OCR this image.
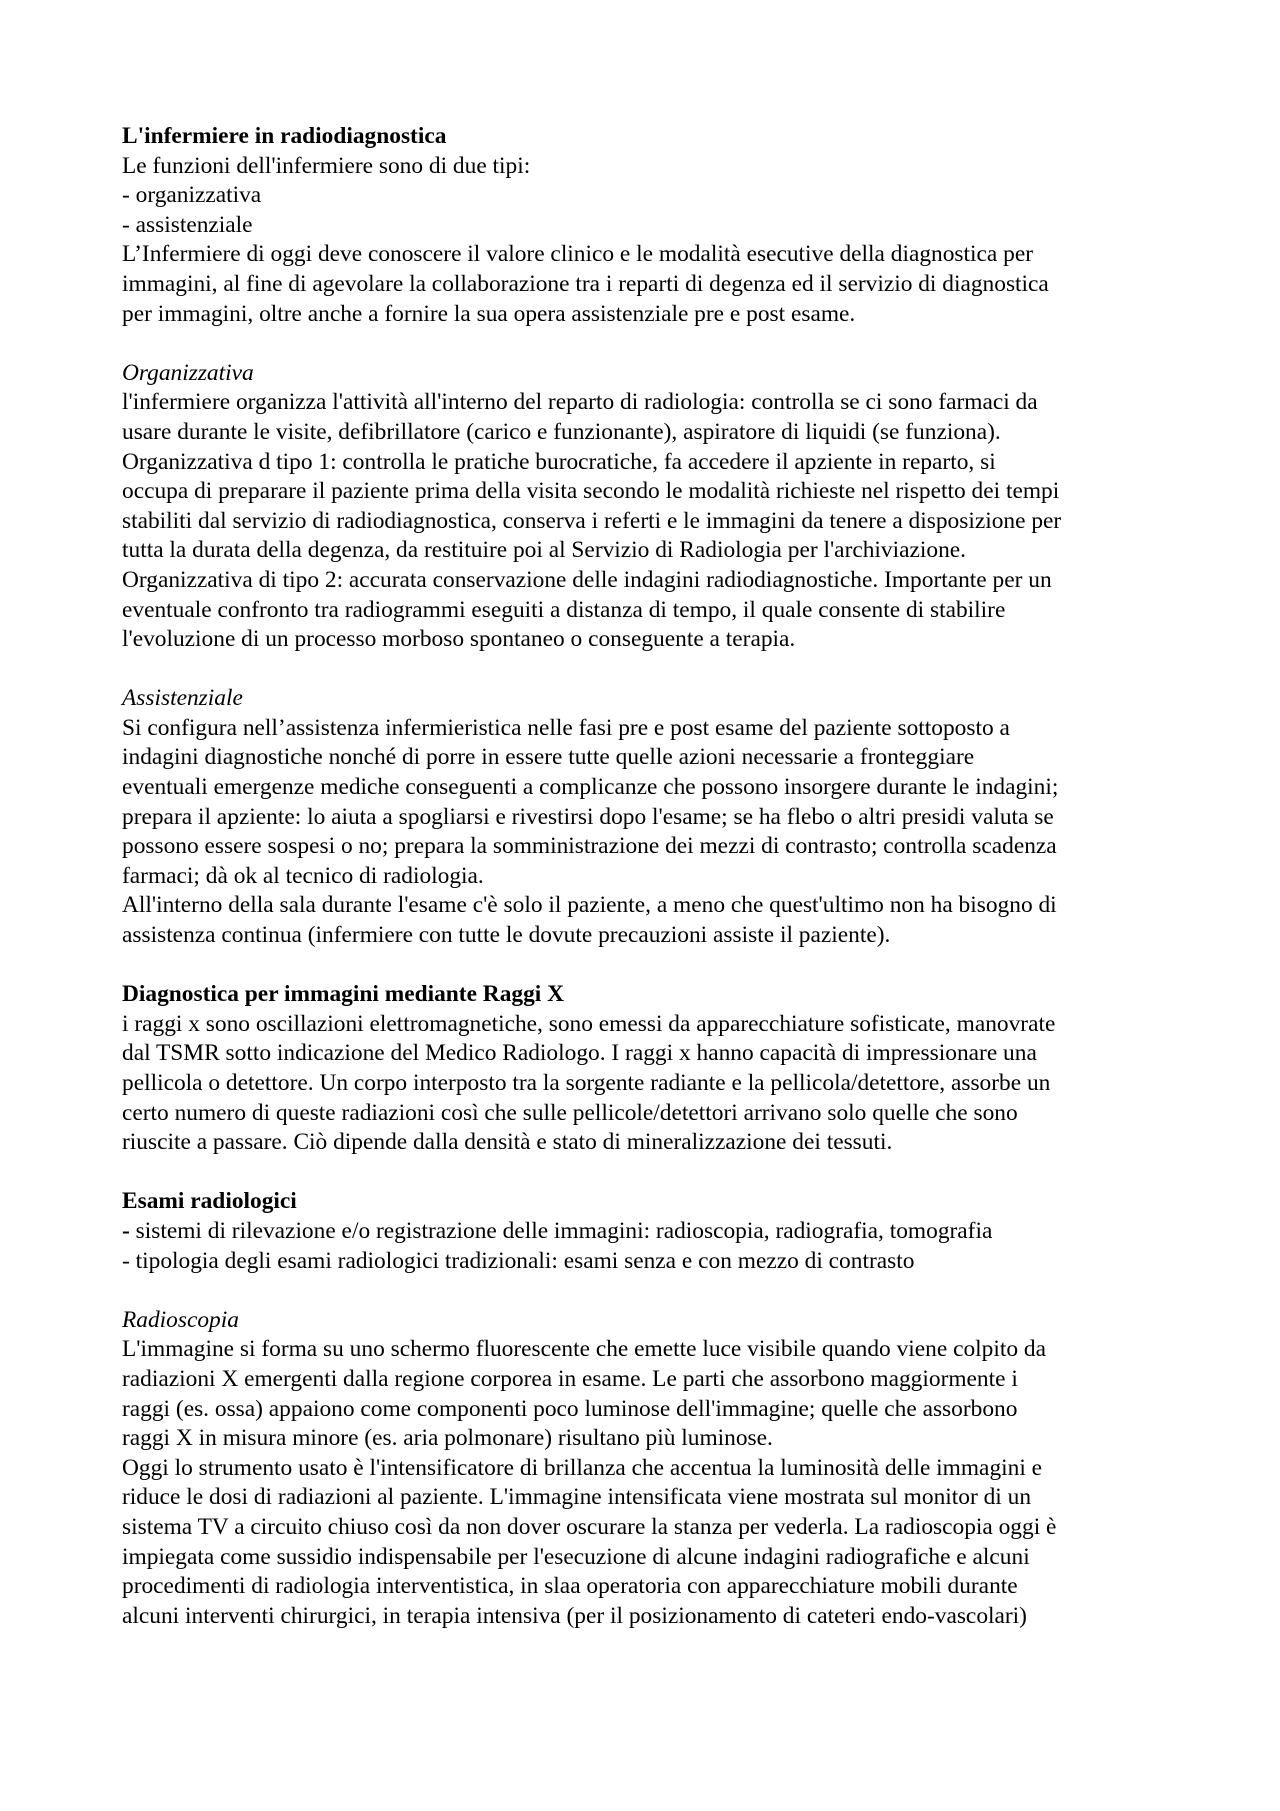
L'infermiere in radiodiagnostica
Le funzioni dell'infermiere sono di due tipi:
- organizzativa
- assistenziale
L’Infermiere di oggi deve conoscere il valore clinico e le modalità esecutive della diagnostica per
immagini, al fine di agevolare la collaborazione tra i reparti di degenza ed il servizio di diagnostica
per immagini, oltre anche a fornire la sua opera assistenziale pre e post esame.
Organizzativa
l'infermiere organizza l'attività all'interno del reparto di radiologia: controlla se ci sono farmaci da
usare durante le visite, defibrillatore (carico e funzionante), aspiratore di liquidi (se funziona).
Organizzativa d tipo 1: controlla le pratiche burocratiche, fa accedere il apziente in reparto, si
occupa di preparare il paziente prima della visita secondo le modalità richieste nel rispetto dei tempi
stabiliti dal servizio di radiodiagnostica, conserva i referti e le immagini da tenere a disposizione per
tutta la durata della degenza, da restituire poi al Servizio di Radiologia per l'archiviazione.
Organizzativa di tipo 2: accurata conservazione delle indagini radiodiagnostiche. Importante per un
eventuale confronto tra radiogrammi eseguiti a distanza di tempo, il quale consente di stabilire
l'evoluzione di un processo morboso spontaneo o conseguente a terapia.
Assistenziale
Si configura nell’assistenza infermieristica nelle fasi pre e post esame del paziente sottoposto a
indagini diagnostiche nonché di porre in essere tutte quelle azioni necessarie a fronteggiare
eventuali emergenze mediche conseguenti a complicanze che possono insorgere durante le indagini;
prepara il apziente: lo aiuta a spogliarsi e rivestirsi dopo l'esame; se ha flebo o altri presidi valuta se
possono essere sospesi o no; prepara la somministrazione dei mezzi di contrasto; controlla scadenza
farmaci; dà ok al tecnico di radiologia.
All'interno della sala durante l'esame c'è solo il paziente, a meno che quest'ultimo non ha bisogno di
assistenza continua (infermiere con tutte le dovute precauzioni assiste il paziente).
Diagnostica per immagini mediante Raggi X
i raggi x sono oscillazioni elettromagnetiche, sono emessi da apparecchiature sofisticate, manovrate
dal TSMR sotto indicazione del Medico Radiologo. I raggi x hanno capacità di impressionare una
pellicola o detettore. Un corpo interposto tra la sorgente radiante e la pellicola/detettore, assorbe un
certo numero di queste radiazioni così che sulle pellicole/detettori arrivano solo quelle che sono
riuscite a passare. Ciò dipende dalla densità e stato di mineralizzazione dei tessuti.
Esami radiologici
- sistemi di rilevazione e/o registrazione delle immagini: radioscopia, radiografia, tomografia
- tipologia degli esami radiologici tradizionali: esami senza e con mezzo di contrasto
Radioscopia
L'immagine si forma su uno schermo fluorescente che emette luce visibile quando viene colpito da
radiazioni X emergenti dalla regione corporea in esame. Le parti che assorbono maggiormente i
raggi (es. ossa) appaiono come componenti poco luminose dell'immagine; quelle che assorbono
raggi X in misura minore (es. aria polmonare) risultano più luminose.
Oggi lo strumento usato è l'intensificatore di brillanza che accentua la luminosità delle immagini e
riduce le dosi di radiazioni al paziente. L'immagine intensificata viene mostrata sul monitor di un
sistema TV a circuito chiuso così da non dover oscurare la stanza per vederla. La radioscopia oggi è
impiegata come sussidio indispensabile per l'esecuzione di alcune indagini radiografiche e alcuni
procedimenti di radiologia interventistica, in slaa operatoria con apparecchiature mobili durante
alcuni interventi chirurgici, in terapia intensiva (per il posizionamento di cateteri endo-vascolari)
